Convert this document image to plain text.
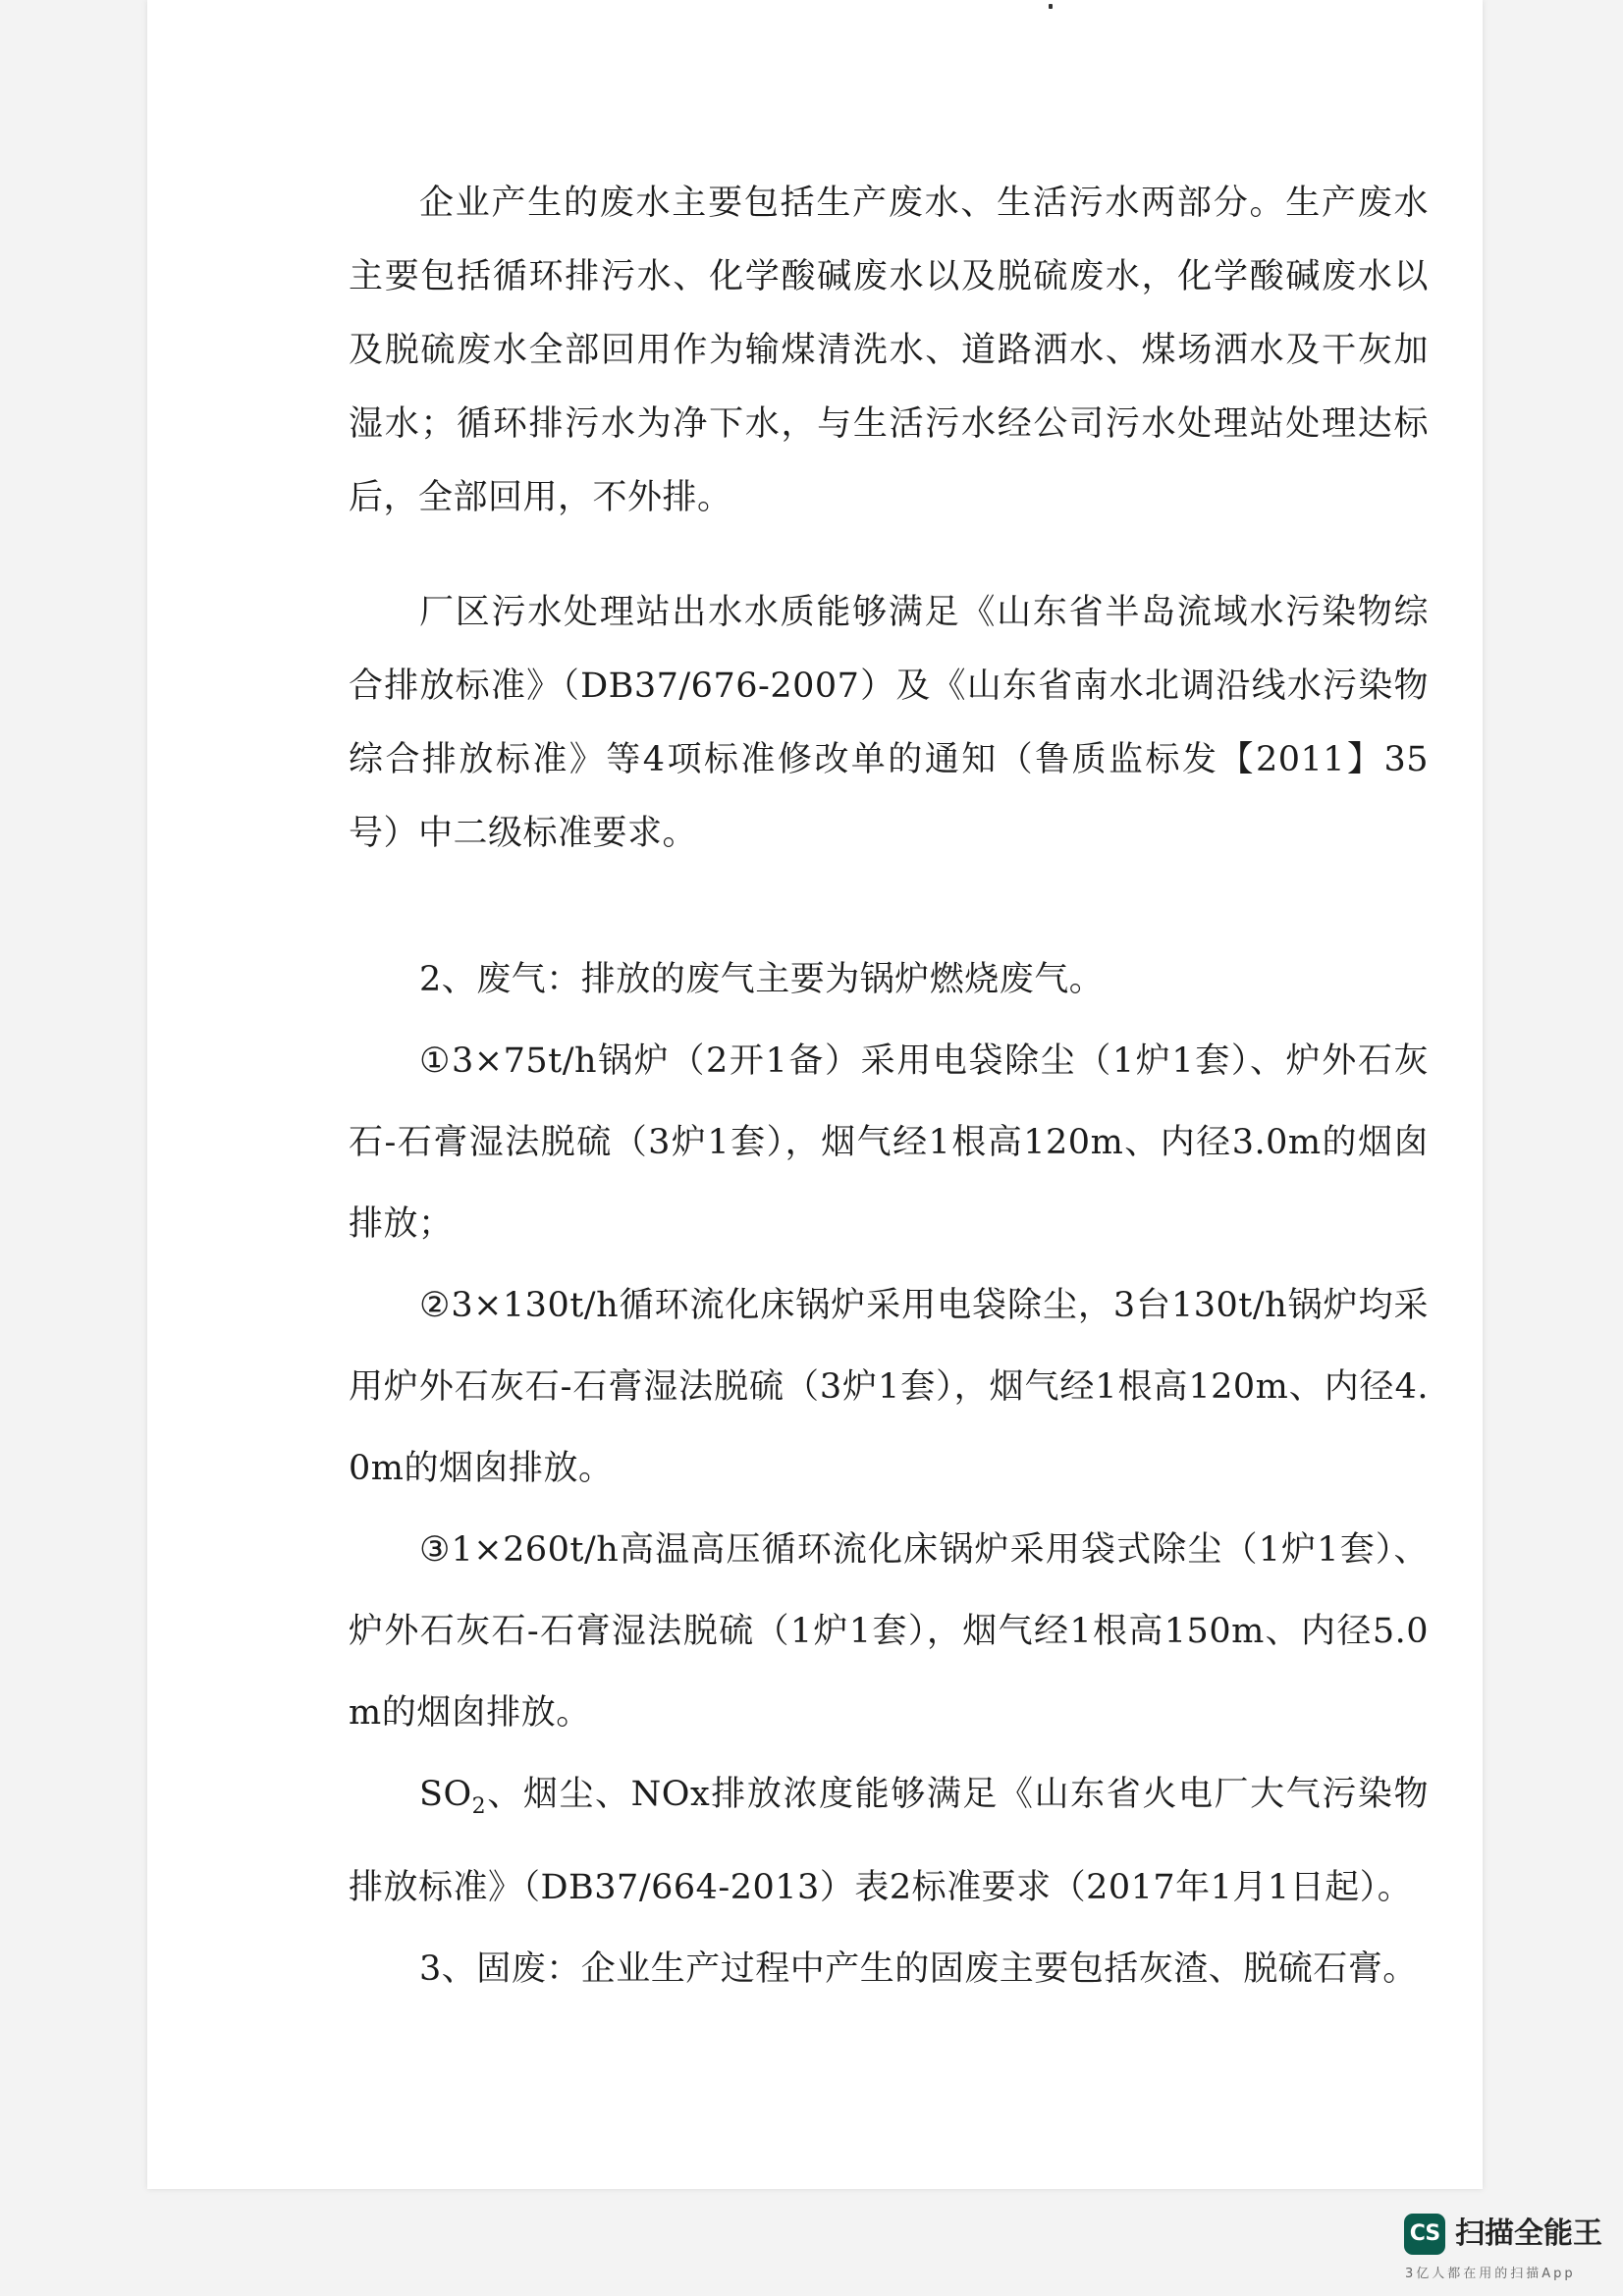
企业产生的废水主要包括生产废水、生活污水两部分。生产废水主要包括循环排污水、化学酸碱废水以及脱硫废水，化学酸碱废水以及脱硫废水全部回用作为输煤清洗水、道路洒水、煤场洒水及干灰加湿水；循环排污水为净下水，与生活污水经公司污水处理站处理达标后，全部回用，不外排。

厂区污水处理站出水水质能够满足《山东省半岛流域水污染物综合排放标准》（DB37/676-2007）及《山东省南水北调沿线水污染物综合排放标准》等4项标准修改单的通知（鲁质监标发【2011】35号）中二级标准要求。

2、废气：排放的废气主要为锅炉燃烧废气。

①3×75t/h锅炉（2开1备）采用电袋除尘（1炉1套）、炉外石灰石-石膏湿法脱硫（3炉1套），烟气经1根高120m、内径3.0m的烟囱排放；

②3×130t/h循环流化床锅炉采用电袋除尘，3台130t/h锅炉均采用炉外石灰石-石膏湿法脱硫（3炉1套），烟气经1根高120m、内径4.0m的烟囱排放。

③1×260t/h高温高压循环流化床锅炉采用袋式除尘（1炉1套）、炉外石灰石-石膏湿法脱硫（1炉1套），烟气经1根高150m、内径5.0m的烟囱排放。

$SO_2$、烟尘、NOx排放浓度能够满足《山东省火电厂大气污染物排放标准》（DB37/664-2013）表2标准要求（2017年1月1日起）。

3、固废：企业生产过程中产生的固废主要包括灰渣、脱硫石膏。

CS 扫描全能王
3亿人都在用的扫描App
